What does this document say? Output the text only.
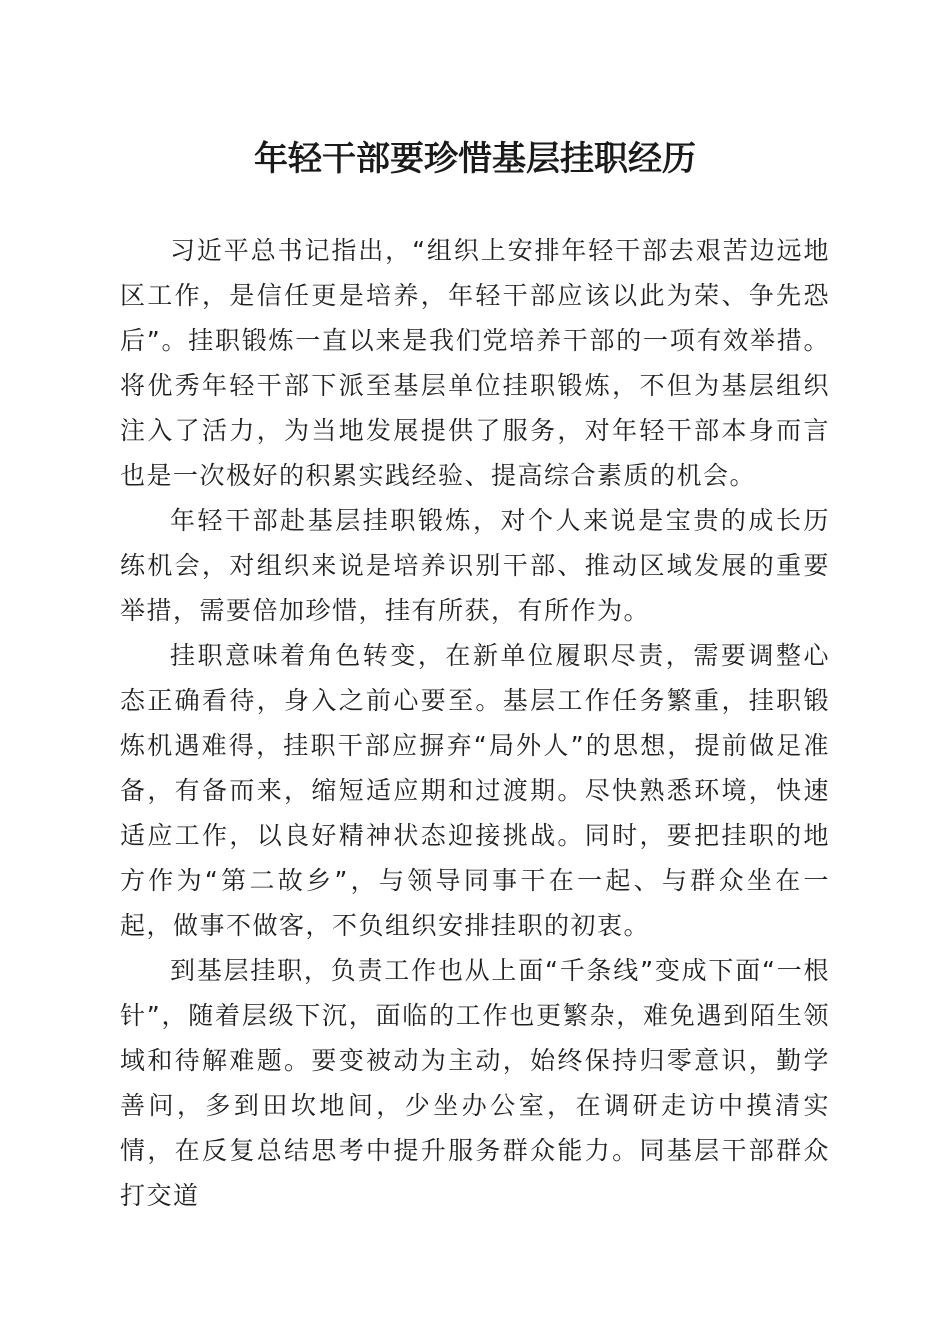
年轻干部要珍惜基层挂职经历

习近平总书记指出，“组织上安排年轻干部去艰苦边远地区工作，是信任更是培养，年轻干部应该以此为荣、争先恐后”。挂职锻炼一直以来是我们党培养干部的一项有效举措。将优秀年轻干部下派至基层单位挂职锻炼，不但为基层组织注入了活力，为当地发展提供了服务，对年轻干部本身而言也是一次极好的积累实践经验、提高综合素质的机会。

年轻干部赴基层挂职锻炼，对个人来说是宝贵的成长历练机会，对组织来说是培养识别干部、推动区域发展的重要举措，需要倍加珍惜，挂有所获，有所作为。

挂职意味着角色转变，在新单位履职尽责，需要调整心态正确看待，身入之前心要至。基层工作任务繁重，挂职锻炼机遇难得，挂职干部应摒弃“局外人”的思想，提前做足准备，有备而来，缩短适应期和过渡期。尽快熟悉环境，快速适应工作，以良好精神状态迎接挑战。同时，要把挂职的地方作为“第二故乡”，与领导同事干在一起、与群众坐在一起，做事不做客，不负组织安排挂职的初衷。

到基层挂职，负责工作也从上面“千条线”变成下面“一根针”，随着层级下沉，面临的工作也更繁杂，难免遇到陌生领域和待解难题。要变被动为主动，始终保持归零意识，勤学善问，多到田坎地间，少坐办公室，在调研走访中摸清实情，在反复总结思考中提升服务群众能力。同基层干部群众打交道
